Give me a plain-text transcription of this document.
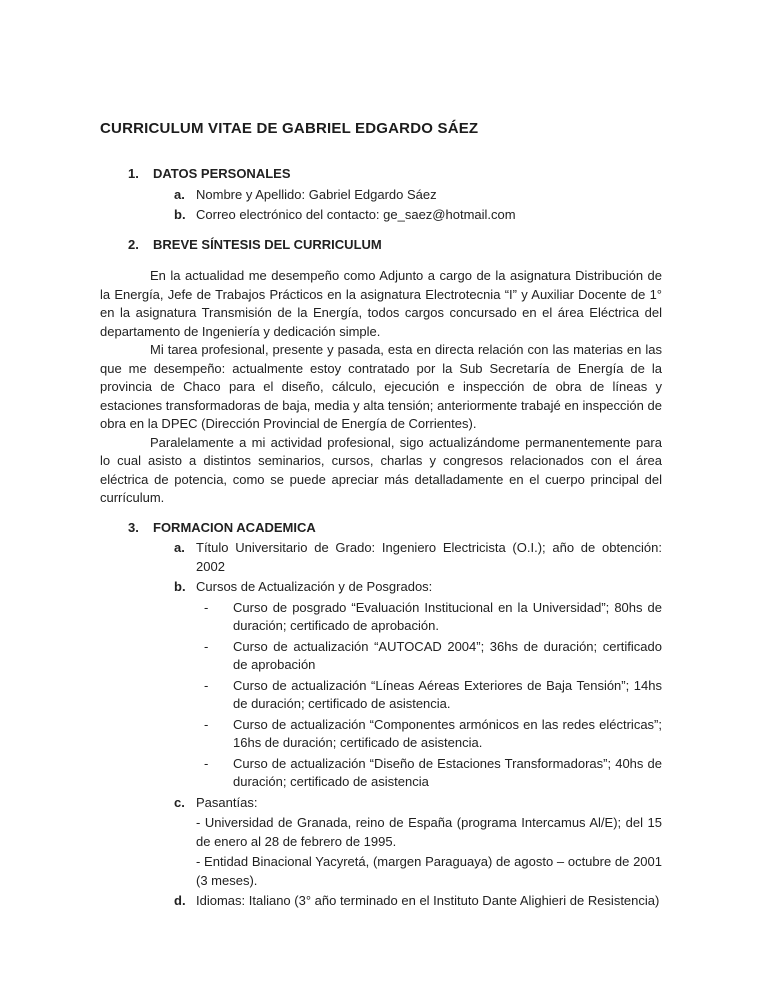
CURRICULUM VITAE DE GABRIEL EDGARDO SÁEZ
1. DATOS PERSONALES
a. Nombre y Apellido: Gabriel Edgardo Sáez
b. Correo electrónico del contacto: ge_saez@hotmail.com
2. BREVE SÍNTESIS DEL CURRICULUM

En la actualidad me desempeño como Adjunto a cargo de la asignatura Distribución de la Energía, Jefe de Trabajos Prácticos en la asignatura Electrotecnia “I” y Auxiliar Docente de 1° en la asignatura Transmisión de la Energía, todos cargos concursado en el área Eléctrica del departamento de Ingeniería y dedicación simple.

Mi tarea profesional, presente y pasada, esta en directa relación con las materias en las que me desempeño: actualmente estoy contratado por la Sub Secretaría de Energía de la provincia de Chaco para el diseño, cálculo, ejecución e inspección de obra de líneas y estaciones transformadoras de baja, media y alta tensión; anteriormente trabajé en inspección de obra en la DPEC (Dirección Provincial de Energía de Corrientes).

Paralelamente a mi actividad profesional, sigo actualizándome permanentemente para lo cual asisto a distintos seminarios, cursos, charlas y congresos relacionados con el área eléctrica de potencia, como se puede apreciar más detalladamente en el cuerpo principal del currículum.

3. FORMACION ACADEMICA
a. Título Universitario de Grado: Ingeniero Electricista (O.I.); año de obtención: 2002
b. Cursos de Actualización y de Posgrados:
- Curso de posgrado “Evaluación Institucional en la Universidad”; 80hs de duración; certificado de aprobación.
- Curso de actualización “AUTOCAD 2004”; 36hs de duración; certificado de aprobación
- Curso de actualización “Líneas Aéreas Exteriores de Baja Tensión”; 14hs de duración; certificado de asistencia.
- Curso de actualización “Componentes armónicos en las redes eléctricas”; 16hs de duración; certificado de asistencia.
- Curso de actualización “Diseño de Estaciones Transformadoras”; 40hs de duración; certificado de asistencia
c. Pasantías:

- Universidad de Granada, reino de España (programa Intercamus Al/E); del 15 de enero al 28 de febrero de 1995.

- Entidad Binacional Yacyretá, (margen Paraguaya) de agosto – octubre de 2001 (3 meses).

d. Idiomas: Italiano (3° año terminado en el Instituto Dante Alighieri de Resistencia)
